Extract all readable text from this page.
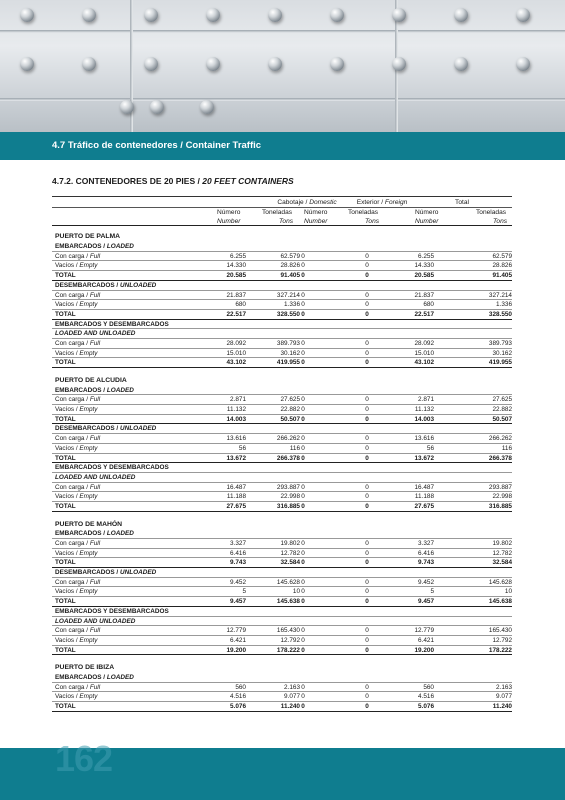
4.7 Tráfico de contenedores / Container Traffic
4.7.2. CONTENEDORES DE 20 PIES / 20 FEET CONTAINERS
Cabotaje / Domestic	Exterior / Foreign	Total
Número	Toneladas Número	Toneladas	Número	Toneladas
Number	Tons Number	Tons	Number	Tons
PUERTO DE PALMA
EMBARCADOS / LOADED
Con carga / Full	6.255	62.579 0	0	6.255	62.579
Vacíos / Empty	14.330	28.826 0	0	14.330	28.826
TOTAL	20.585	91.405 0	0	20.585	91.405
DESEMBARCADOS / UNLOADED
Con carga / Full	21.837	327.214 0	0	21.837	327.214
Vacíos / Empty	680	1.336 0	0	680	1.336
TOTAL	22.517	328.550 0	0	22.517	328.550
EMBARCADOS Y DESEMBARCADOS
LOADED AND UNLOADED
Con carga / Full	28.092	389.793 0	0	28.092	389.793
Vacíos / Empty	15.010	30.162 0	0	15.010	30.162
TOTAL	43.102	419.955 0	0	43.102	419.955
PUERTO DE ALCUDIA
EMBARCADOS / LOADED
Con carga / Full	2.871	27.625 0	0	2.871	27.625
Vacíos / Empty	11.132	22.882 0	0	11.132	22.882
TOTAL	14.003	50.507 0	0	14.003	50.507
DESEMBARCADOS / UNLOADED
Con carga / Full	13.616	266.262 0	0	13.616	266.262
Vacíos / Empty	56	116 0	0	56	116
TOTAL	13.672	266.378 0	0	13.672	266.378
EMBARCADOS Y DESEMBARCADOS
LOADED AND UNLOADED
Con carga / Full	16.487	293.887 0	0	16.487	293.887
Vacíos / Empty	11.188	22.998 0	0	11.188	22.998
TOTAL	27.675	316.885 0	0	27.675	316.885
PUERTO DE MAHÓN
EMBARCADOS / LOADED
Con carga / Full	3.327	19.802 0	0	3.327	19.802
Vacíos / Empty	6.416	12.782 0	0	6.416	12.782
TOTAL	9.743	32.584 0	0	9.743	32.584
DESEMBARCADOS / UNLOADED
Con carga / Full	9.452	145.628 0	0	9.452	145.628
Vacíos / Empty	5	10 0	0	5	10
TOTAL	9.457	145.638 0	0	9.457	145.638
EMBARCADOS Y DESEMBARCADOS
LOADED AND UNLOADED
Con carga / Full	12.779	165.430 0	0	12.779	165.430
Vacíos / Empty	6.421	12.792 0	0	6.421	12.792
TOTAL	19.200	178.222 0	0	19.200	178.222
PUERTO DE IBIZA
EMBARCADOS / LOADED
Con carga / Full	560	2.163 0	0	560	2.163
Vacíos / Empty	4.516	9.077 0	0	4.516	9.077
TOTAL	5.076	11.240 0	0	5.076	11.240
162
